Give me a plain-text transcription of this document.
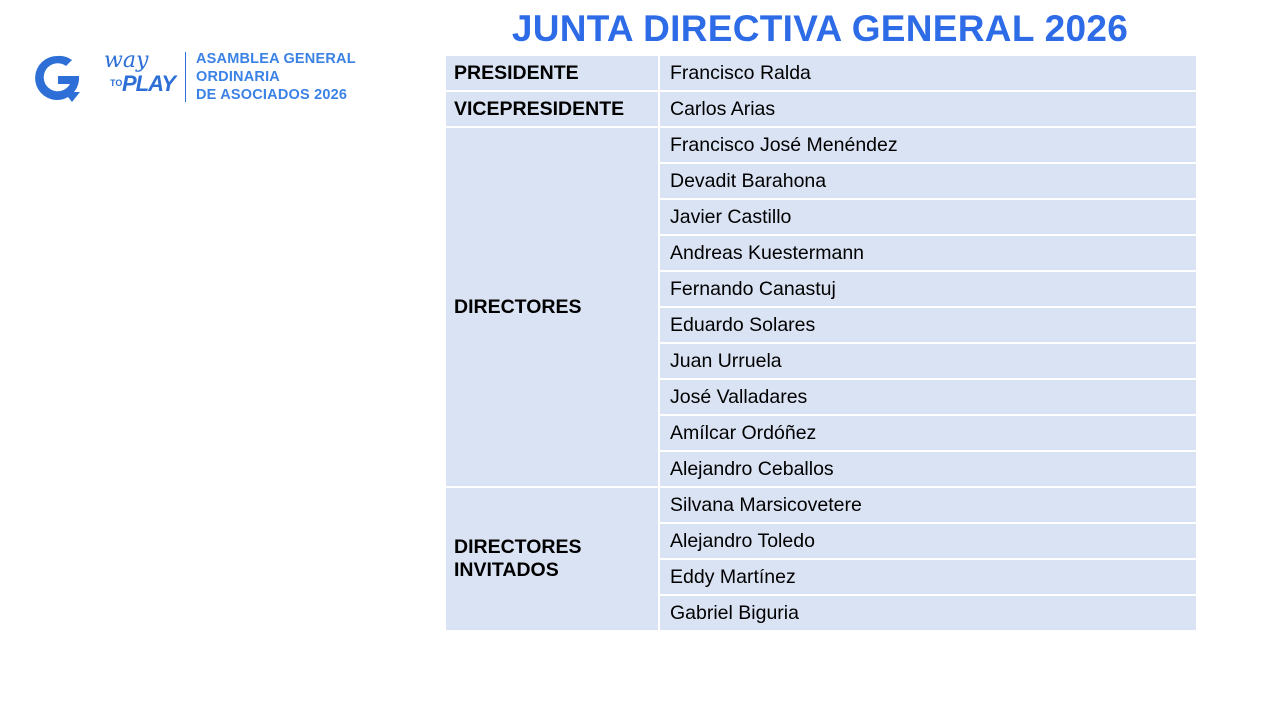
way
TO PLAY
ASAMBLEA GENERAL
ORDINARIA
DE ASOCIADOS 2026
JUNTA DIRECTIVA GENERAL 2026
PRESIDENTE	Francisco Ralda
VICEPRESIDENTE	Carlos Arias
DIRECTORES	Francisco José Menéndez
	Devadit Barahona
	Javier Castillo
	Andreas Kuestermann
	Fernando Canastuj
	Eduardo Solares
	Juan Urruela
	José Valladares
	Amílcar Ordóñez
	Alejandro Ceballos

DIRECTORES
INVITADOS	Silvana Marsicovetere
	Alejandro Toledo
	Eddy Martínez
	Gabriel Biguria
